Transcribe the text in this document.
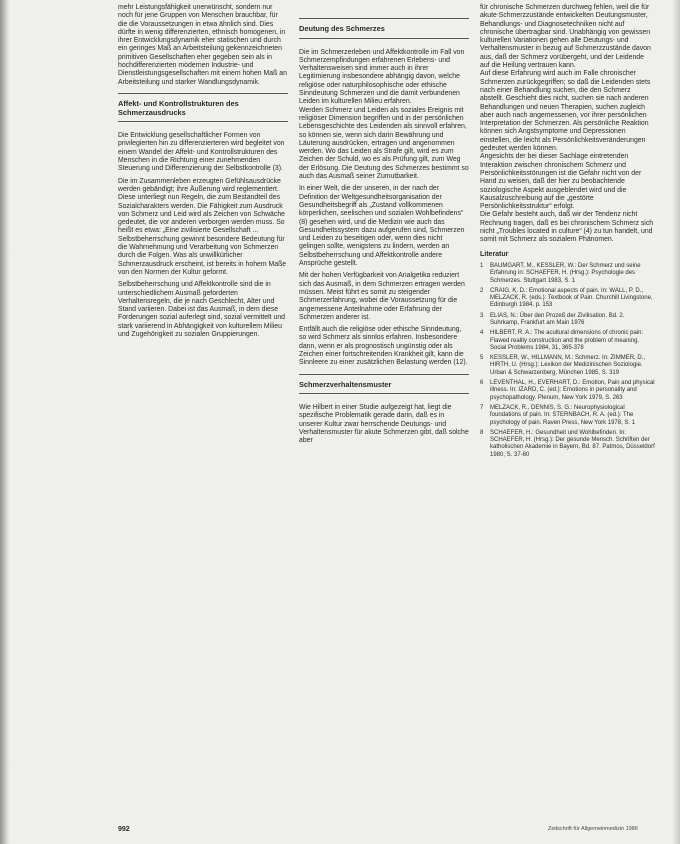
mehr Leistungsfähigkeit unerwünscht, sondern nur noch für jene Gruppen von Menschen brauchbar, für die die Voraussetzungen in etwa ähnlich sind. Dies dürfte in wenig differenzierten, ethnisch homogenen, in ihrer Entwicklungsdynamik eher statischen und durch ein geringes Maß an Arbeitsteilung gekennzeichneten primitiven Gesellschaften eher gegeben sein als in hochdifferenzierten modernen Industrie- und Dienstleistungsgesellschaften mit einem hohen Maß an Arbeitsteilung und starker Wandlungsdynamik.

Affekt- und Kontrollstrukturen des Schmerzausdrucks

Die Entwicklung gesellschaftlicher Formen von privilegierten hin zu differenzierteren wird begleitet von einem Wandel der Affekt- und Kontrollstrukturen des Menschen in die Richtung einer zunehmenden Steuerung und Differenzierung der Selbstkontrolle (3).

Die im Zusammenleben erzeugten Gefühlsausdrücke werden gebändigt; ihre Äußerung wird reglementiert. Diese unterliegt nun Regeln, die zum Bestandteil des Sozialcharakters werden. Die Fähigkeit zum Ausdruck von Schmerz und Leid wird als Zeichen von Schwäche gedeutet, die vor anderen verborgen werden muss. So heißt es etwa: „Eine zivilisierte Gesellschaft ... Selbstbeherrschung gewinnt besondere Bedeutung für die Wahrnehmung und Verarbeitung von Schmerzen durch die Folgen. Was als unwillkürlicher Schmerzausdruck erscheint, ist bereits in hohem Maße von den Normen der Kultur geformt.

Selbstbeherrschung und Affektkontrolle sind die in unterschiedlichem Ausmaß geforderten Verhaltensregeln, die je nach Geschlecht, Alter und Stand variieren. Dabei ist das Ausmaß, in dem diese Forderungen sozial auferlegt sind, sozial vermittelt und stark variierend in Abhängigkeit von kulturellem Milieu und Zugehörigkeit zu sozialen Gruppierungen.

Deutung des Schmerzes

Die im Schmerzerleben und Affektkontrolle im Fall von Schmerzempfindungen erfahrenen Erlebens- und Verhaltensweisen sind immer auch in ihrer Legitimierung insbesondere abhängig davon, welche religiöse oder naturphilosophische oder ethische Sinndeutung Schmerzen und die damit verbundenen Leiden im kulturellen Milieu erfahren.

Werden Schmerz und Leiden als soziales Ereignis mit religiöser Dimension begriffen und in der persönlichen Lebensgeschichte des Leidenden als sinnvoll erfahren, so können sie, wenn sich darin Bewährung und Läuterung ausdrücken, ertragen und angenommen werden. Wo das Leiden als Strafe gilt, wird es zum Zeichen der Schuld, wo es als Prüfung gilt, zum Weg der Erlösung. Die Deutung des Schmerzes bestimmt so auch das Ausmaß seiner Zumutbarkeit.

In einer Welt, die der unseren, in der nach der Definition der Weltgesundheitsorganisation der Gesundheitsbegriff als „Zustand vollkommenen körperlichen, seelischen und sozialen Wohlbefindens“ (8) gesehen wird, und die Medizin wie auch das Gesundheitssystem dazu aufgerufen sind, Schmerzen und Leiden zu beseitigen oder, wenn dies nicht gelingen sollte, wenigstens zu lindern, werden an Selbstbeherrschung und Affektkontrolle andere Ansprüche gestellt.

Mit der hohen Verfügbarkeit von Analgetika reduziert sich das Ausmaß, in dem Schmerzen ertragen werden müssen. Meist führt es somit zu steigender Schmerzerfahrung, wobei die Voraussetzung für die angemessene Anteilnahme oder Erfahrung der Schmerzen anderer ist.

Entfällt auch die religiöse oder ethische Sinndeutung, so wird Schmerz als sinnlos erfahren. Insbesondere dann, wenn er als prognostisch ungünstig oder als Zeichen einer fortschreitenden Krankheit gilt, kann die Sinnleere zu einer zusätzlichen Belastung werden (12).

Schmerzverhaltensmuster

Wie Hilbert in einer Studie aufgezeigt hat, liegt die spezifische Problematik gerade darin, daß es in unserer Kultur zwar herrschende Deutungs- und Verhaltensmuster für akute Schmerzen gibt, daß solche aber

für chronische Schmerzen durchweg fehlen, weil die für akute Schmerzzustände entwickelten Deutungsmuster, Behandlungs- und Diagnosetechniken nicht auf chronische übertragbar sind. Unabhängig von gewissen kulturellen Variationen gehen alle Deutungs- und Verhaltensmuster in bezug auf Schmerzzustände davon aus, daß der Schmerz vorübergeht, und der Leidende auf die Heilung vertrauen kann.

Auf diese Erfahrung wird auch im Falle chronischer Schmerzen zurückgegriffen; so daß die Leidenden stets nach einer Behandlung suchen, die den Schmerz abstellt. Geschieht dies nicht, suchen sie nach anderen Behandlungen und neuen Therapien, suchen zugleich aber auch nach angemessenen, vor ihrer persönlichen Interpretation der Schmerzen. Als persönliche Reaktion können sich Angstsymptome und Depressionen einstellen, die leicht als Persönlichkeitsveränderungen gedeutet werden können.

Angesichts der bei dieser Sachlage eintretenden Interaktion zwischen chronischem Schmerz und Persönlichkeitsstörungen ist die Gefahr nicht von der Hand zu weisen, daß der hier zu beobachtende soziologische Aspekt ausgeblendet wird und die Kausalzuschreibung auf die „gestörte Persönlichkeitsstruktur“ erfolgt.

Die Gefahr besteht auch, daß wir der Tendenz nicht Rechnung tragen, daß es bei chronischem Schmerz sich nicht „Troubles located in culture“ (4) zu tun handelt, und somit mit Schmerz als sozialem Phänomen.

Literatur
1	BAUMGART, M., KESSLER, W.: Der Schmerz und seine Erfahrung in: SCHAEFER, H. (Hrsg.): Psychologie des Schmerzes. Stuttgart 1983, S. 1
2	CRAIG, K. D.: Emotional aspects of pain. In: WALL, P. D., MELZACK, R. (eds.): Textbook of Pain. Churchill Livingstone, Edinburgh 1984, p. 153
3	ELIAS, N.: Über den Prozeß der Zivilisation. Bd. 2. Suhrkamp, Frankfurt am Main 1976
4	HILBERT, R. A.: The acultural dimensions of chronic pain: Flawed reality construction and the problem of meaning. Social Problems 1984, 31, 365-378
5	KESSLER, W., HILLMANN, M.: Schmerz. In: ZIMMER, D., HIRTH, U. (Hrsg.): Lexikon der Medizinischen Soziologie. Urban & Schwarzenberg, München 1985, S. 319
6	LEVENTHAL, H., EVERHART, D.: Emotion, Pain and physical illness. In: IZARD, C. (ed.): Emotions in personality and psychopathology. Plenum, New York 1979, S. 263
7	MELZACK, R., DENNIS, S. G.: Neurophysiological foundations of pain. In: STERNBACH, R. A. (ed.): The psychology of pain. Raven Press, New York 1978, S. 1
8	SCHAEFER, H.: Gesundheit und Wohlbefinden. In: SCHAEFER, H. (Hrsg.): Der gesunde Mensch. Schriften der katholischen Akademie in Bayern, Bd. 87. Patmos, Düsseldorf 1980, S. 37-60
992	Zeitschrift für Allgemeinmedizin 1986
